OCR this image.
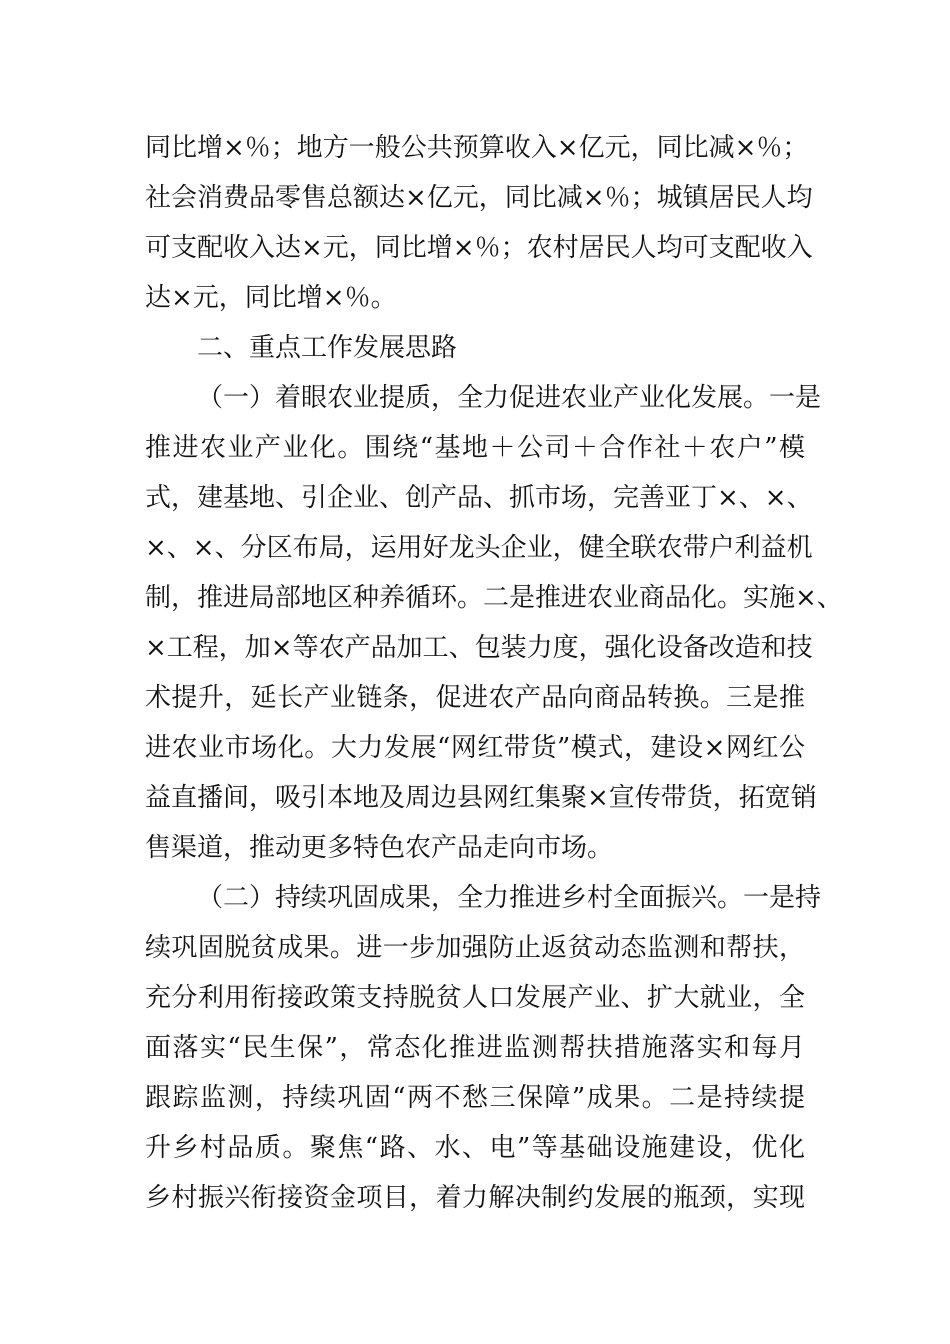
同比增×％；地方一般公共预算收入×亿元，同比减×％；
社会消费品零售总额达×亿元，同比减×％；城镇居民人均
可支配收入达×元，同比增×％；农村居民人均可支配收入
达×元，同比增×％。
二、重点工作发展思路
（一）着眼农业提质，全力促进农业产业化发展。一是
推进农业产业化。围绕“基地＋公司＋合作社＋农户”模
式，建基地、引企业、创产品、抓市场，完善亚丁×、×、
×、×、分区布局，运用好龙头企业，健全联农带户利益机
制，推进局部地区种养循环。二是推进农业商品化。实施×、
×工程，加×等农产品加工、包装力度，强化设备改造和技
术提升，延长产业链条，促进农产品向商品转换。三是推
进农业市场化。大力发展“网红带货”模式，建设×网红公
益直播间，吸引本地及周边县网红集聚×宣传带货，拓宽销
售渠道，推动更多特色农产品走向市场。
（二）持续巩固成果，全力推进乡村全面振兴。一是持
续巩固脱贫成果。进一步加强防止返贫动态监测和帮扶，
充分利用衔接政策支持脱贫人口发展产业、扩大就业，全
面落实“民生保”，常态化推进监测帮扶措施落实和每月
跟踪监测，持续巩固“两不愁三保障”成果。二是持续提
升乡村品质。聚焦“路、水、电”等基础设施建设，优化
乡村振兴衔接资金项目，着力解决制约发展的瓶颈，实现
